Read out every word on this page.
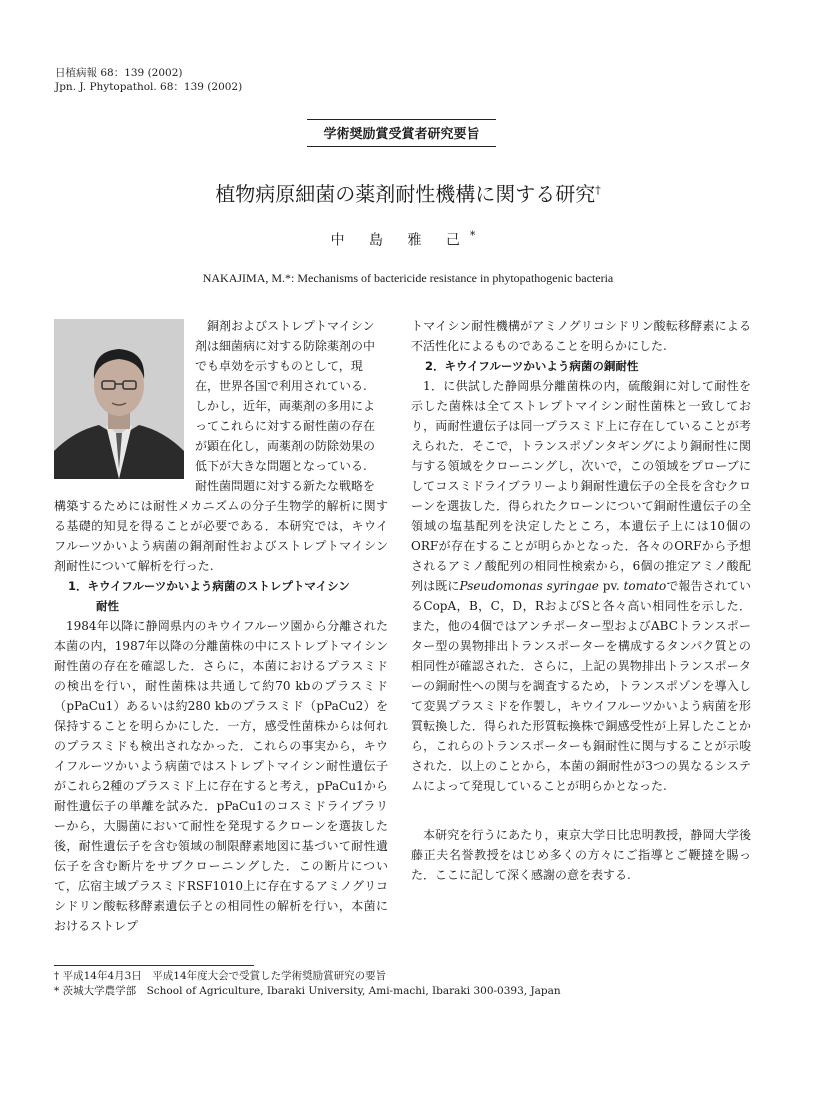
日植病報 68：139 (2002)
Jpn. J. Phytopathol. 68：139 (2002)
学術奨励賞受賞者研究要旨
植物病原細菌の薬剤耐性機構に関する研究†
中 島 雅 己*
NAKAJIMA, M.*: Mechanisms of bactericide resistance in phytopathogenic bacteria

銅剤およびストレプトマイシン

剤は細菌病に対する防除薬剤の中

でも卓効を示すものとして，現

在，世界各国で利用されている.

しかし，近年，両薬剤の多用によ

ってこれらに対する耐性菌の存在

が顕在化し，両薬剤の防除効果の

低下が大きな問題となっている.

耐性菌問題に対する新たな戦略を

構築するためには耐性メカニズムの分子生物学的解析に関する基礎的知見を得ることが必要である．本研究では，キウイフルーツかいよう病菌の銅剤耐性およびストレプトマイシン剤耐性について解析を行った.

1．キウイフルーツかいよう病菌のストレプトマイシン

耐性

1984年以降に静岡県内のキウイフルーツ園から分離された本菌の内，1987年以降の分離菌株の中にストレプトマイシン耐性菌の存在を確認した．さらに，本菌におけるプラスミドの検出を行い，耐性菌株は共通して約70 kbのプラスミド（pPaCu1）あるいは約280 kbのプラスミド（pPaCu2）を保持することを明らかにした．一方，感受性菌株からは何れのプラスミドも検出されなかった．これらの事実から，キウイフルーツかいよう病菌ではストレプトマイシン耐性遺伝子がこれら2種のプラスミド上に存在すると考え，pPaCu1から耐性遺伝子の単離を試みた．pPaCu1のコスミドライブラリーから，大腸菌において耐性を発現するクローンを選抜した後，耐性遺伝子を含む領域の制限酵素地図に基づいて耐性遺伝子を含む断片をサブクローニングした．この断片について，広宿主域プラスミドRSF1010上に存在するアミノグリコシドリン酸転移酵素遺伝子との相同性の解析を行い，本菌におけるストレプ

トマイシン耐性機構がアミノグリコシドリン酸転移酵素による不活性化によるものであることを明らかにした.

2．キウイフルーツかいよう病菌の銅耐性

1．に供試した静岡県分離菌株の内，硫酸銅に対して耐性を示した菌株は全てストレプトマイシン耐性菌株と一致しており，両耐性遺伝子は同一プラスミド上に存在していることが考えられた．そこで，トランスポゾンタギングにより銅耐性に関与する領域をクローニングし，次いで，この領域をプローブにしてコスミドライブラリーより銅耐性遺伝子の全長を含むクローンを選抜した．得られたクローンについて銅耐性遺伝子の全領域の塩基配列を決定したところ，本遺伝子上には10個のORFが存在することが明らかとなった．各々のORFから予想されるアミノ酸配列の相同性検索から，6個の推定アミノ酸配列は既にPseudomonas syringae pv. tomatoで報告されているCopA，B，C，D，RおよびSと各々高い相同性を示した．また，他の4個ではアンチポーター型およびABCトランスポーター型の異物排出トランスポーターを構成するタンパク質との相同性が確認された．さらに，上記の異物排出トランスポーターの銅耐性への関与を調査するため，トランスポゾンを導入して変異プラスミドを作製し，キウイフルーツかいよう病菌を形質転換した．得られた形質転換株で銅感受性が上昇したことから，これらのトランスポーターも銅耐性に関与することが示唆された．以上のことから，本菌の銅耐性が3つの異なるシステムによって発現していることが明らかとなった.

本研究を行うにあたり，東京大学日比忠明教授，静岡大学後藤正夫名誉教授をはじめ多くの方々にご指導とご鞭撻を賜った．ここに記して深く感謝の意を表する.

† 平成14年4月3日　平成14年度大会で受賞した学術奨励賞研究の要旨
* 茨城大学農学部　School of Agriculture, Ibaraki University, Ami-machi, Ibaraki 300-0393, Japan
